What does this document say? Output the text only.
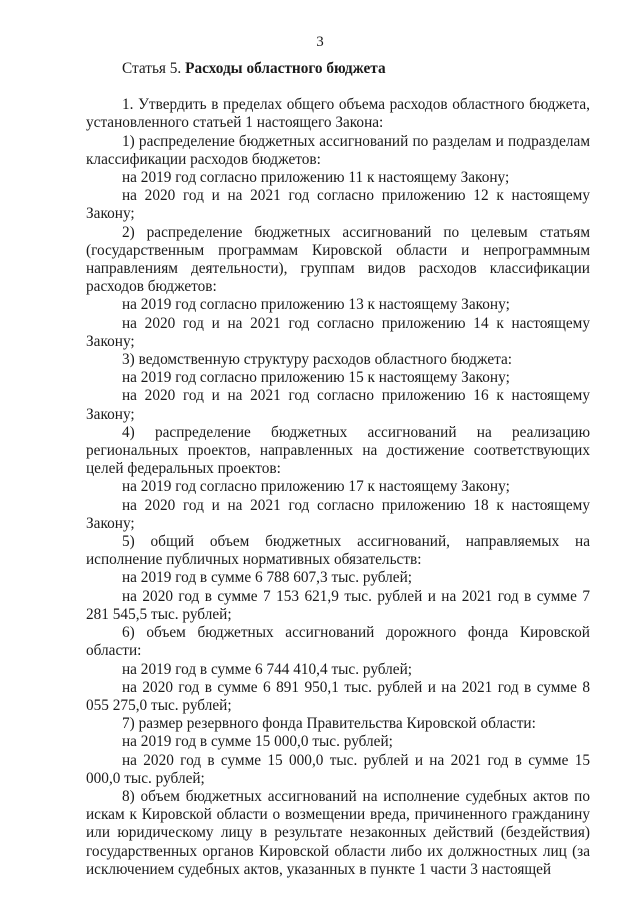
3
Статья 5. Расходы областного бюджета

1. Утвердить в пределах общего объема расходов областного бюджета, установленного статьей 1 настоящего Закона:

1) распределение бюджетных ассигнований по разделам и подразделам классификации расходов бюджетов:

на 2019 год согласно приложению 11 к настоящему Закону;

на 2020 год и на 2021 год согласно приложению 12 к настоящему Закону;

2) распределение бюджетных ассигнований по целевым статьям (государственным программам Кировской области и непрограммным направлениям деятельности), группам видов расходов классификации расходов бюджетов:

на 2019 год согласно приложению 13 к настоящему Закону;

на 2020 год и на 2021 год согласно приложению 14 к настоящему Закону;

3) ведомственную структуру расходов областного бюджета:

на 2019 год согласно приложению 15 к настоящему Закону;

на 2020 год и на 2021 год согласно приложению 16 к настоящему Закону;

4) распределение бюджетных ассигнований на реализацию региональных проектов, направленных на достижение соответствующих целей федеральных проектов:

на 2019 год согласно приложению 17 к настоящему Закону;

на 2020 год и на 2021 год согласно приложению 18 к настоящему Закону;

5) общий объем бюджетных ассигнований, направляемых на исполнение публичных нормативных обязательств:

на 2019 год в сумме 6 788 607,3 тыс. рублей;

на 2020 год в сумме 7 153 621,9 тыс. рублей и на 2021 год в сумме 7 281 545,5 тыс. рублей;

6) объем бюджетных ассигнований дорожного фонда Кировской области:

на 2019 год в сумме 6 744 410,4 тыс. рублей;

на 2020 год в сумме 6 891 950,1 тыс. рублей и на 2021 год в сумме 8 055 275,0 тыс. рублей;

7) размер резервного фонда Правительства Кировской области:

на 2019 год в сумме 15 000,0 тыс. рублей;

на 2020 год в сумме 15 000,0 тыс. рублей и на 2021 год в сумме 15 000,0 тыс. рублей;

8) объем бюджетных ассигнований на исполнение судебных актов по искам к Кировской области о возмещении вреда, причиненного гражданину или юридическому лицу в результате незаконных действий (бездействия) государственных органов Кировской области либо их должностных лиц (за исключением судебных актов, указанных в пункте 1 части 3 настоящей
